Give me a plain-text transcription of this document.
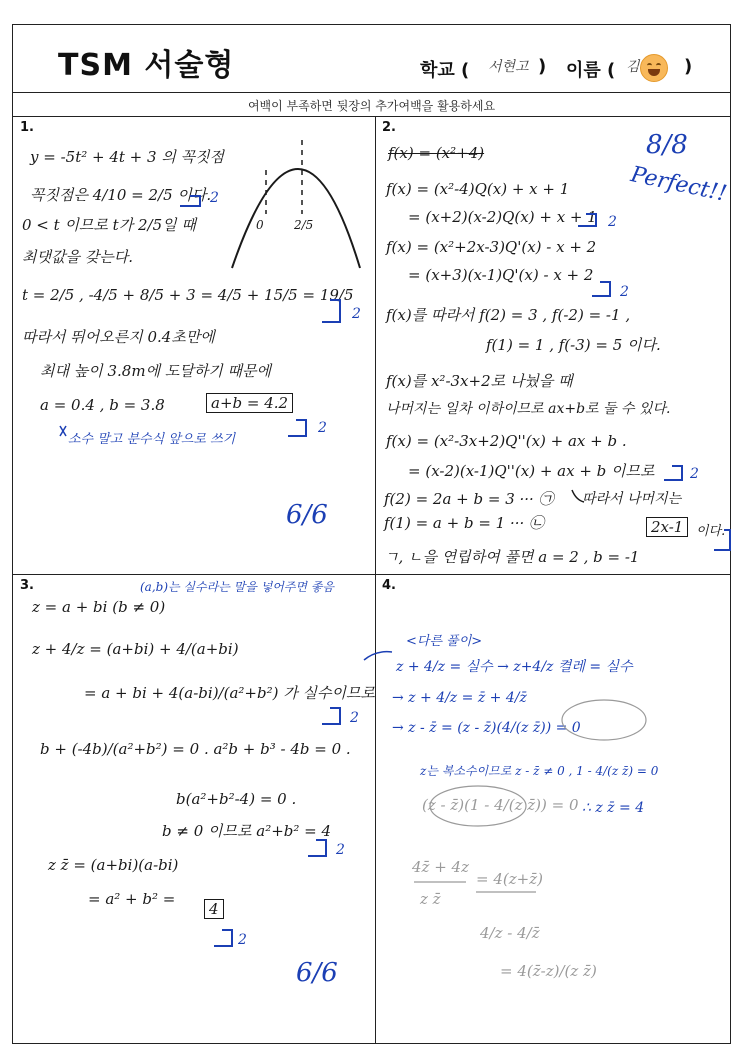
TSM 서술형	학교 ( 서현고 ) 이름 ( 김 )
여백이 부족하면 뒷장의 추가여백을 활용하세요
1.
y = -5t² + 4t + 3 의 꼭짓점
꼭짓점은 4/10 = 2/5 이다.
2
0 < t 이므로 t가 2/5일 때
최댓값을 갖는다.
t = 2/5 , -4/5 + 8/5 + 3 = 4/5 + 15/5 = 19/5
2
따라서 뛰어오른지 0.4초만에
최대 높이 3.8m에 도달하기 때문에
a = 0.4 , b = 3.8	a+b = 4.2
2
소수 말고 분수식 앞으로 쓰기
0	2/5
6/6
2.
f(x) = (x²+4)	8/8
Perfect!!
f(x) = (x²-4)Q(x) + x + 1
= (x+2)(x-2)Q(x) + x + 1 2
f(x) = (x²+2x-3)Q'(x) - x + 2
= (x+3)(x-1)Q'(x) - x + 2
2
f(x)를 따라서 f(2) = 3 , f(-2) = -1 ,
f(1) = 1 , f(-3) = 5 이다.
f(x)를 x²-3x+2로 나눴을 때
나머지는 일차 이하이므로 ax+b로 둘 수 있다.
f(x) = (x²-3x+2)Q''(x) + ax + b .
= (x-2)(x-1)Q''(x) + ax + b 이므로	2
f(2) = 2a + b = 3 ··· ㉠
f(1) = a + b = 1 ··· ㉡
따라서 나머지는
2x-1 이다.
ㄱ, ㄴ을 연립하여 풀면 a = 2 , b = -1
3.	(a,b)는 실수라는 말을 넣어주면 좋음
z = a + bi (b ≠ 0)
z + 4/z = (a+bi) + 4/(a+bi)
= a + bi + 4(a-bi)/(a²+b²) 가 실수이므로
2
b + (-4b)/(a²+b²) = 0 . a²b + b³ - 4b = 0 .
b(a²+b²-4) = 0 .
b ≠ 0 이므로 a²+b² = 4
2
z z̄ = (a+bi)(a-bi)
= a² + b² =
4
2
6/6
4.
<다른 풀이>
z + 4/z = 실수 → z+4/z 켤레 = 실수
→ z + 4/z = z̄ + 4/z̄
→ z - z̄ = (z - z̄)(4/(z z̄)) = 0
z는 복소수이므로 z - z̄ ≠ 0 , 1 - 4/(z z̄) = 0
(z - z̄)(1 - 4/(z z̄)) = 0 ∴ z z̄ = 4
4z̄ + 4z
z z̄
= 4(z+z̄)
4/z - 4/z̄
= 4(z̄-z)/(z z̄)
